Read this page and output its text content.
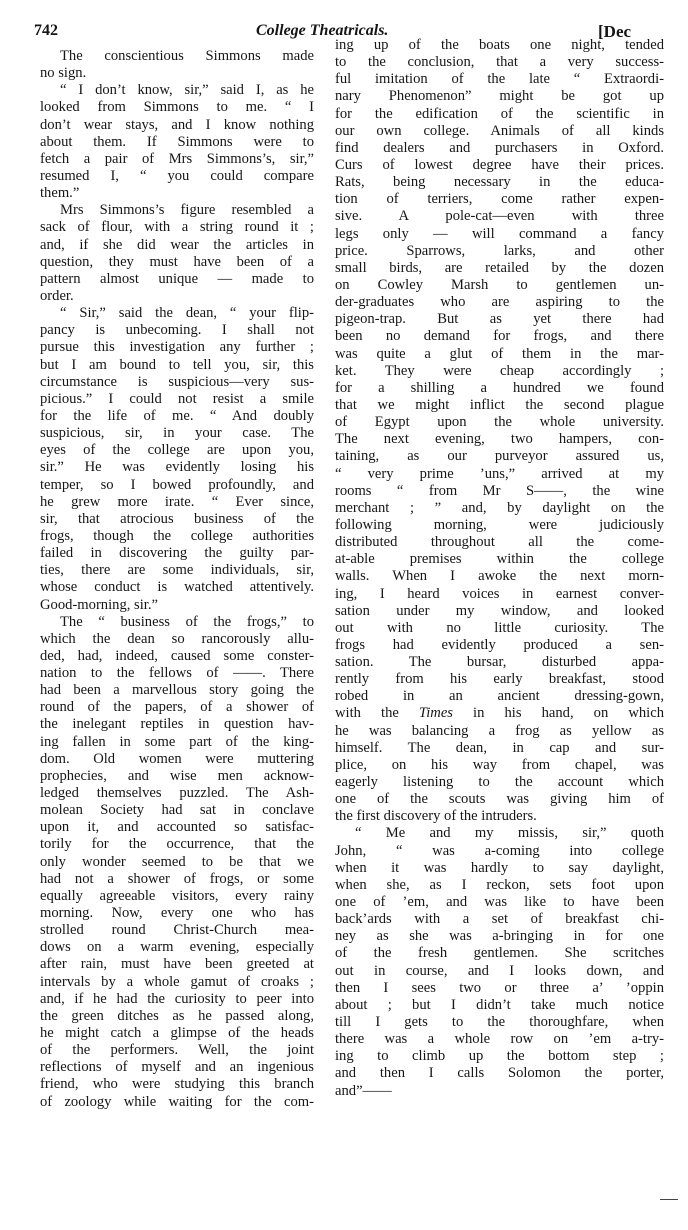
742	College Theatricals.	[Dec
The conscientious Simmons made
no sign.
“ I don’t know, sir,” said I, as he
looked from Simmons to me. “ I
don’t wear stays, and I know nothing
about them. If Simmons were to
fetch a pair of Mrs Simmons’s, sir,”
resumed I, “ you could compare
them.”
Mrs Simmons’s figure resembled a
sack of flour, with a string round it ;
and, if she did wear the articles in
question, they must have been of a
pattern almost unique — made to
order.
“ Sir,” said the dean, “ your flip-
pancy is unbecoming. I shall not
pursue this investigation any further ;
but I am bound to tell you, sir, this
circumstance is suspicious—very sus-
picious.” I could not resist a smile
for the life of me. “ And doubly
suspicious, sir, in your case. The
eyes of the college are upon you,
sir.” He was evidently losing his
temper, so I bowed profoundly, and
he grew more irate. “ Ever since,
sir, that atrocious business of the
frogs, though the college authorities
failed in discovering the guilty par-
ties, there are some individuals, sir,
whose conduct is watched attentively.
Good-morning, sir.”
The “ business of the frogs,” to
which the dean so rancorously allu-
ded, had, indeed, caused some conster-
nation to the fellows of ——. There
had been a marvellous story going the
round of the papers, of a shower of
the inelegant reptiles in question hav-
ing fallen in some part of the king-
dom. Old women were muttering
prophecies, and wise men acknow-
ledged themselves puzzled. The Ash-
molean Society had sat in conclave
upon it, and accounted so satisfac-
torily for the occurrence, that the
only wonder seemed to be that we
had not a shower of frogs, or some
equally agreeable visitors, every rainy
morning. Now, every one who has
strolled round Christ-Church mea-
dows on a warm evening, especially
after rain, must have been greeted at
intervals by a whole gamut of croaks ;
and, if he had the curiosity to peer into
the green ditches as he passed along,
he might catch a glimpse of the heads
of the performers. Well, the joint
reflections of myself and an ingenious
friend, who were studying this branch
of zoology while waiting for the com-
ing up of the boats one night, tended
to the conclusion, that a very success-
ful imitation of the late “ Extraordi-
nary Phenomenon” might be got up
for the edification of the scientific in
our own college. Animals of all kinds
find dealers and purchasers in Oxford.
Curs of lowest degree have their prices.
Rats, being necessary in the educa-
tion of terriers, come rather expen-
sive. A pole-cat—even with three
legs only — will command a fancy
price. Sparrows, larks, and other
small birds, are retailed by the dozen
on Cowley Marsh to gentlemen un-
der-graduates who are aspiring to the
pigeon-trap. But as yet there had
been no demand for frogs, and there
was quite a glut of them in the mar-
ket. They were cheap accordingly ;
for a shilling a hundred we found
that we might inflict the second plague
of Egypt upon the whole university.
The next evening, two hampers, con-
taining, as our purveyor assured us,
“ very prime ’uns,” arrived at my
rooms “ from Mr S——, the wine
merchant ; ” and, by daylight on the
following morning, were judiciously
distributed throughout all the come-
at-able premises within the college
walls. When I awoke the next morn-
ing, I heard voices in earnest conver-
sation under my window, and looked
out with no little curiosity. The
frogs had evidently produced a sen-
sation. The bursar, disturbed appa-
rently from his early breakfast, stood
robed in an ancient dressing-gown,
with the Times in his hand, on which
he was balancing a frog as yellow as
himself. The dean, in cap and sur-
plice, on his way from chapel, was
eagerly listening to the account which
one of the scouts was giving him of
the first discovery of the intruders.
“ Me and my missis, sir,” quoth
John, “ was a-coming into college
when it was hardly to say daylight,
when she, as I reckon, sets foot upon
one of ’em, and was like to have been
back’ards with a set of breakfast chi-
ney as she was a-bringing in for one
of the fresh gentlemen. She scritches
out in course, and I looks down, and
then I sees two or three a’ ’oppin
about ; but I didn’t take much notice
till I gets to the thoroughfare, when
there was a whole row on ’em a-try-
ing to climb up the bottom step ;
and then I calls Solomon the porter,
and”——
